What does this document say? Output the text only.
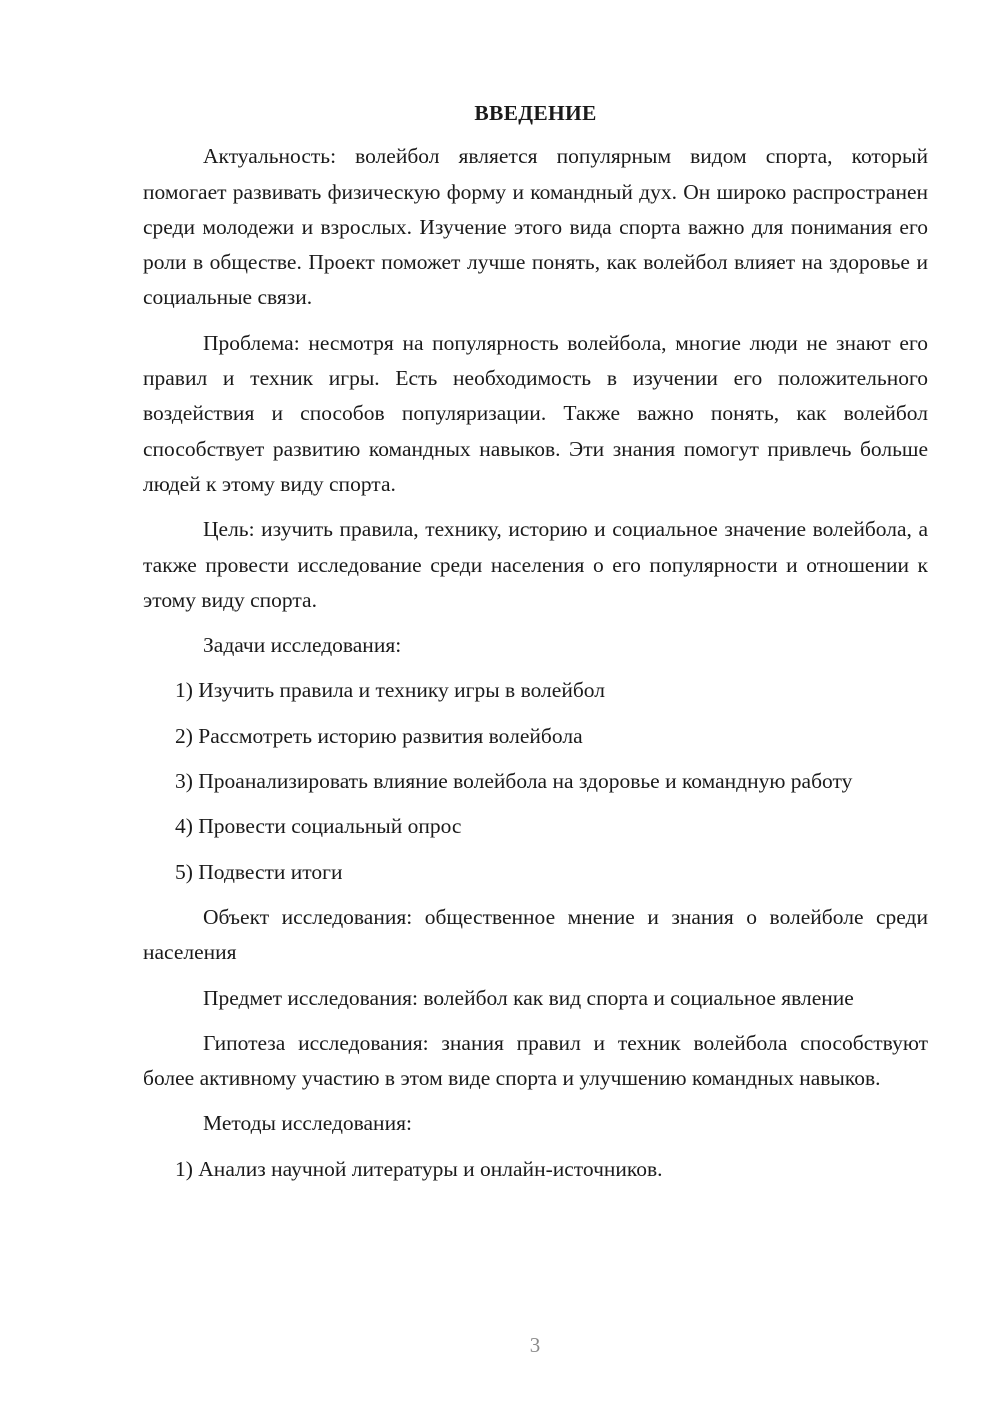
ВВЕДЕНИЕ

Актуальность: волейбол является популярным видом спорта, который помогает развивать физическую форму и командный дух. Он широко распространен среди молодежи и взрослых. Изучение этого вида спорта важно для понимания его роли в обществе. Проект поможет лучше понять, как волейбол влияет на здоровье и социальные связи.

Проблема: несмотря на популярность волейбола, многие люди не знают его правил и техник игры. Есть необходимость в изучении его положительного воздействия и способов популяризации. Также важно понять, как волейбол способствует развитию командных навыков. Эти знания помогут привлечь больше людей к этому виду спорта.

Цель: изучить правила, технику, историю и социальное значение волейбола, а также провести исследование среди населения о его популярности и отношении к этому виду спорта.

Задачи исследования:

1) Изучить правила и технику игры в волейбол

2) Рассмотреть историю развития волейбола

3) Проанализировать влияние волейбола на здоровье и командную работу

4) Провести социальный опрос

5) Подвести итоги

Объект исследования: общественное мнение и знания о волейболе среди населения

Предмет исследования: волейбол как вид спорта и социальное явление

Гипотеза исследования: знания правил и техник волейбола способствуют более активному участию в этом виде спорта и улучшению командных навыков.

Методы исследования:

1) Анализ научной литературы и онлайн-источников.

3
